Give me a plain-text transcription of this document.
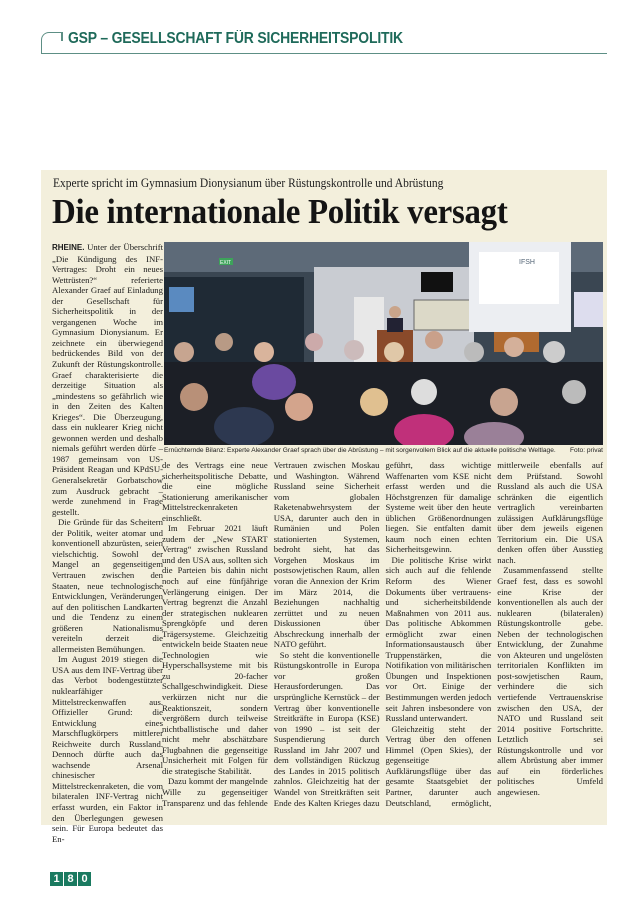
GSP – GESELLSCHAFT FÜR SICHERHEITSPOLITIK
Experte spricht im Gymnasium Dionysianum über Rüstungskontrolle und Abrüstung
Die internationale Politik versagt

RHEINE. Unter der Überschrift „Die Kündigung des INF-Vertrages: Droht ein neues Wettrüsten?“ referierte Alexander Graef auf Einladung der Gesellschaft für Sicherheitspolitik in der vergangenen Woche im Gymnasium Dionysianum. Er zeichnete ein überwiegend bedrückendes Bild von der Zukunft der Rüstungskontrolle. Graef charakterisierte die derzeitige Situation als „mindestens so gefährlich wie in den Zeiten des Kalten Krieges“. Die Überzeugung, dass ein nuklearer Krieg nicht gewonnen werden und deshalb niemals geführt werden dürfe – 1987 gemeinsam von US-Präsident Reagan und KPdSU-Generalsekretär Gorbatschow zum Ausdruck gebracht – werde zunehmend in Frage gestellt.

Die Gründe für das Scheitern der Politik, weiter atomar und konventionell abzurüsten, seien vielschichtig. Sowohl der Mangel an gegenseitigem Vertrauen zwischen den Staaten, neue technologische Entwicklungen, Veränderungen auf den politischen Landkarten und die Tendenz zu einem größeren Nationalismus vereiteln derzeit die allermeisten Bemühungen.

Im August 2019 stiegen die USA aus dem INF-Vertrag über das Verbot bodengestützter nuklearfähiger Mittelstreckenwaffen aus. Offizieller Grund: die Entwicklung eines Marschflugkörpers mittlerer Reichweite durch Russland. Dennoch dürfte auch das wachsende Arsenal chinesischer Mittelstreckenraketen, die vom bilateralen INF-Vertrag nicht erfasst wurden, ein Faktor in den Überlegungen gewesen sein. Für Europa bedeutet das En-

EXIT	IFSH
Ernüchternde Bilanz: Experte Alexander Graef sprach über die Abrüstung – mit sorgenvollem Blick auf die aktuelle politische Weltlage. Foto: privat

de des Vertrags eine neue sicherheitspolitische Debatte, die eine mögliche Stationierung amerikanischer Mittelstreckenraketen einschließt.

Im Februar 2021 läuft zudem der „New START Vertrag“ zwischen Russland und den USA aus, sollten sich die Parteien bis dahin nicht noch auf eine fünfjährige Verlängerung einigen. Der Vertrag begrenzt die Anzahl der strategischen nuklearen Sprengköpfe und deren Trägersysteme. Gleichzeitig entwickeln beide Staaten neue Technologien wie Hyperschallsysteme mit bis zu 20-facher Schallgeschwindigkeit. Diese verkürzen nicht nur die Reaktionszeit, sondern vergrößern durch teilweise nichtballistische und daher nicht mehr abschätzbare Flugbahnen die gegenseitige Unsicherheit mit Folgen für die strategische Stabilität.

Dazu kommt der mangelnde Wille zu gegenseitiger Transparenz und das fehlende Vertrauen zwischen Moskau und Washington. Während Russland seine Sicherheit vom globalen Raketenabwehrsystem der USA, darunter auch den in Rumänien und Polen stationierten Systemen, bedroht sieht, hat das Vorgehen Moskaus im postsowjetischen Raum, allen voran die Annexion der Krim im März 2014, die Beziehungen nachhaltig zerrüttet und zu neuen Diskussionen über Abschreckung innerhalb der NATO geführt.

So steht die konventionelle Rüstungskontrolle in Europa vor großen Herausforderungen. Das ursprüngliche Kernstück – der Vertrag über konventionelle Streitkräfte in Europa (KSE) von 1990 – ist seit der Suspendierung durch Russland im Jahr 2007 und dem vollständigen Rückzug des Landes in 2015 politisch zahnlos. Gleichzeitig hat der Wandel von Streitkräften seit Ende des Kalten Krieges dazu geführt, dass wichtige Waffenarten vom KSE nicht erfasst werden und die Höchstgrenzen für damalige Systeme weit über den heute üblichen Größenordnungen liegen. Sie entfalten damit kaum noch einen echten Sicherheitsgewinn.

Die politische Krise wirkt sich auch auf die fehlende Reform des Wiener Dokuments über vertrauens- und sicherheitsbildende Maßnahmen von 2011 aus. Das politische Abkommen ermöglicht zwar einen Informationsaustausch über Truppenstärken, die Notifikation von militärischen Übungen und Inspektionen vor Ort. Einige der Bestimmungen werden jedoch seit Jahren insbesondere von Russland unterwandert.

Gleichzeitig steht der Vertrag über den offenen Himmel (Open Skies), der gegenseitige Aufklärungsflüge über das gesamte Staatsgebiet der Partner, darunter auch Deutschland, ermöglicht, mittlerweile ebenfalls auf dem Prüfstand. Sowohl Russland als auch die USA schränken die eigentlich vertraglich vereinbarten zulässigen Aufklärungsflüge über dem jeweils eigenen Territorium ein. Die USA denken offen über Ausstieg nach.

Zusammenfassend stellte Graef fest, dass es sowohl eine Krise der konventionellen als auch der nuklearen (bilateralen) Rüstungskontrolle gebe. Neben der technologischen Entwicklung, der Zunahme von Akteuren und ungelösten territorialen Konflikten im post-sowjetischen Raum, verhindere die sich vertiefende Vertrauenskrise zwischen den USA, der NATO und Russland seit 2014 positive Fortschritte. Letztlich sei Rüstungskontrolle und vor allem Abrüstung aber immer auf ein förderliches politisches Umfeld angewiesen.

1 8 0
